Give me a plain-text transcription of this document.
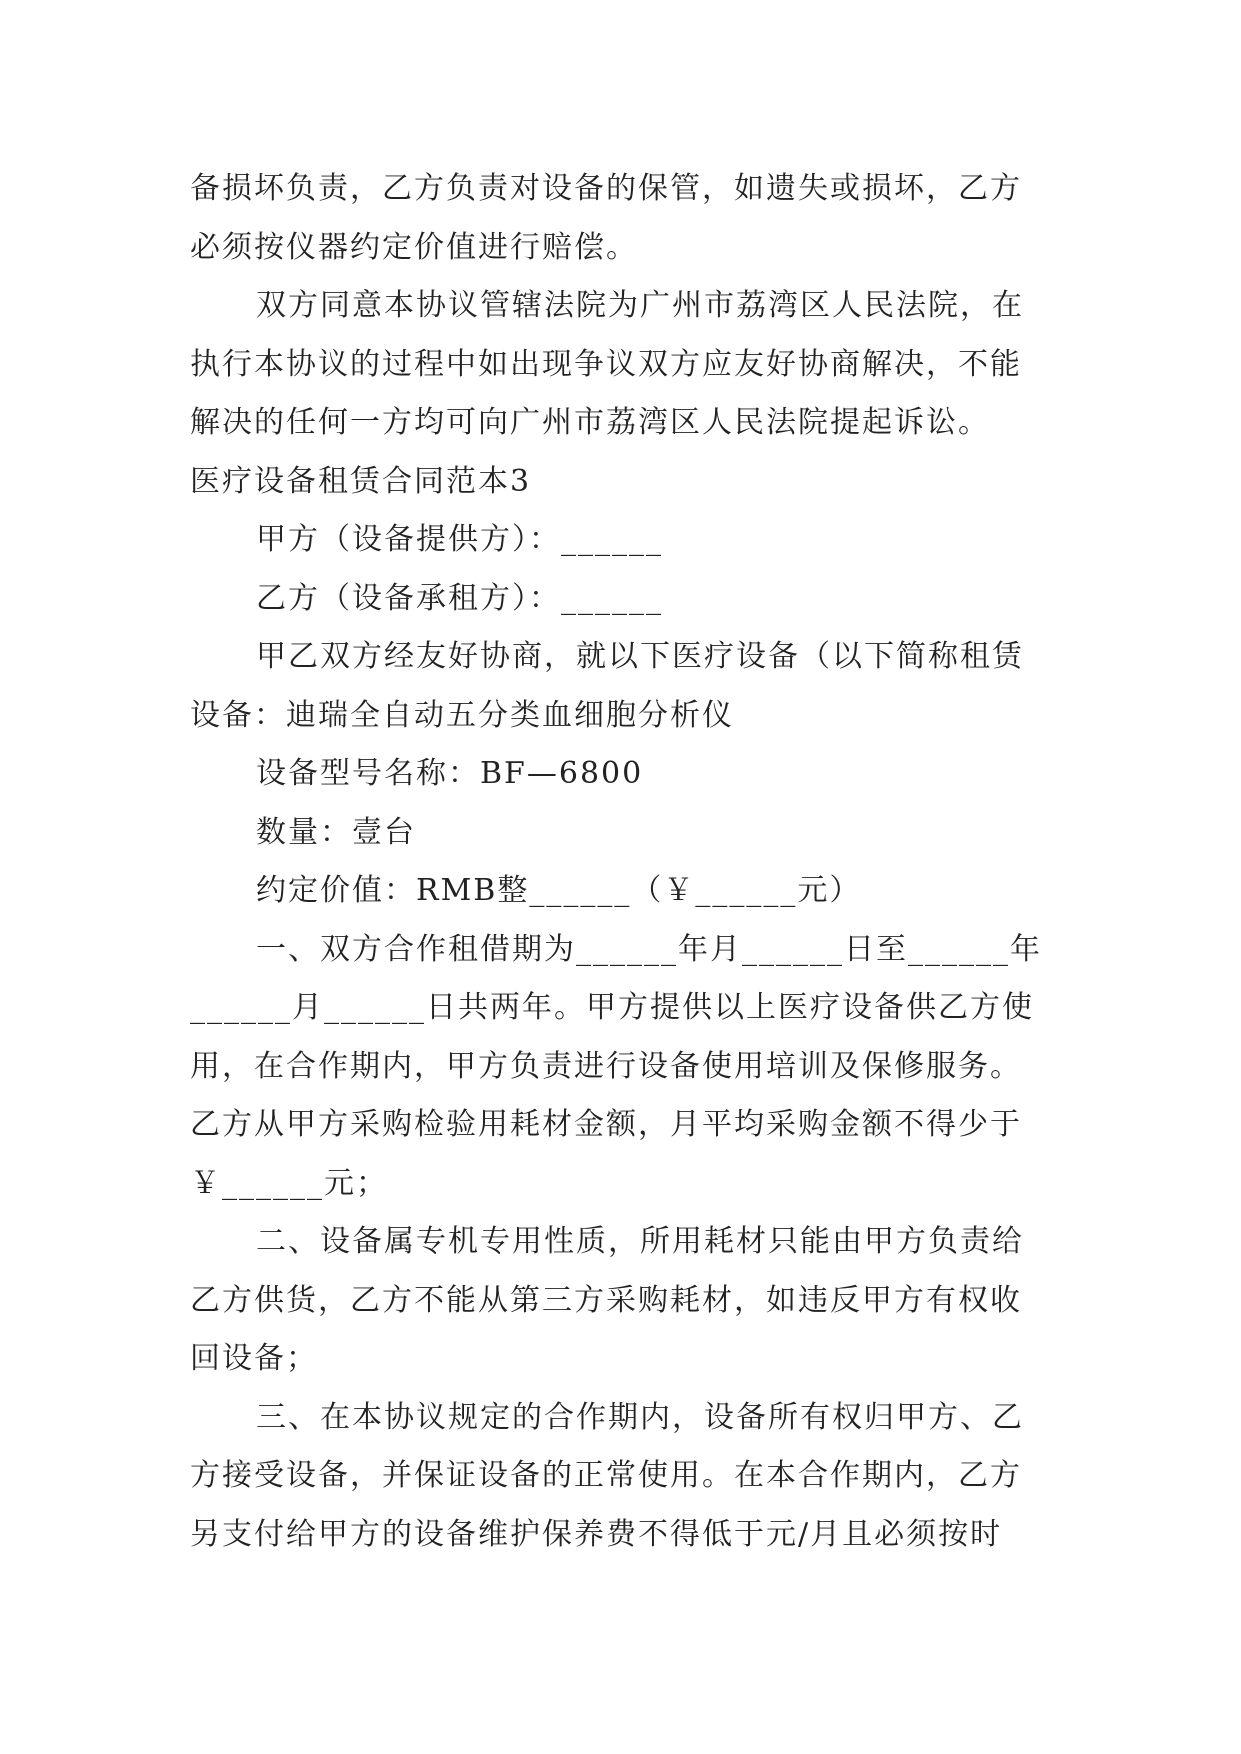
备损坏负责，乙方负责对设备的保管，如遗失或损坏，乙方
必须按仪器约定价值进行赔偿。
双方同意本协议管辖法院为广州市荔湾区人民法院，在
执行本协议的过程中如出现争议双方应友好协商解决，不能
解决的任何一方均可向广州市荔湾区人民法院提起诉讼。
医疗设备租赁合同范本3
甲方（设备提供方）：______
乙方（设备承租方）：______
甲乙双方经友好协商，就以下医疗设备（以下简称租赁
设备：迪瑞全自动五分类血细胞分析仪
设备型号名称：BF—6800
数量：壹台
约定价值：RMB整______（￥______元）
一、双方合作租借期为______年月______日至______年
______月______日共两年。甲方提供以上医疗设备供乙方使
用，在合作期内，甲方负责进行设备使用培训及保修服务。
乙方从甲方采购检验用耗材金额，月平均采购金额不得少于
￥______元；
二、设备属专机专用性质，所用耗材只能由甲方负责给
乙方供货，乙方不能从第三方采购耗材，如违反甲方有权收
回设备；
三、在本协议规定的合作期内，设备所有权归甲方、乙
方接受设备，并保证设备的正常使用。在本合作期内，乙方
另支付给甲方的设备维护保养费不得低于元/月且必须按时
